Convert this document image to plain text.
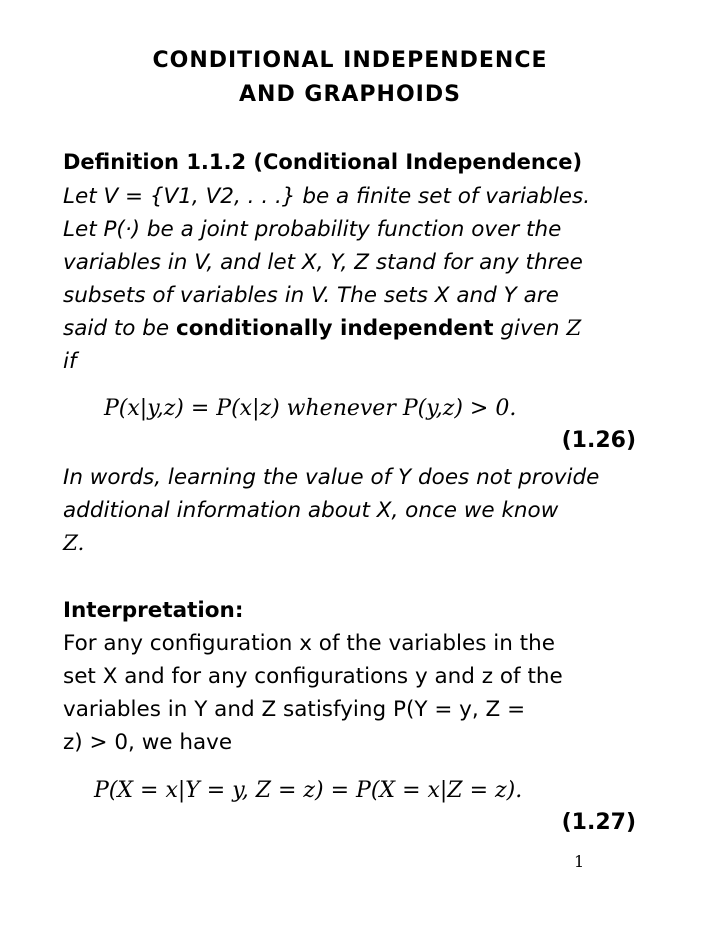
CONDITIONAL INDEPENDENCE
AND GRAPHOIDS
Definition 1.1.2 (Conditional Independence)
Let V = {V1, V2, . . .} be a finite set of variables.
Let P(·) be a joint probability function over the
variables in V, and let X, Y, Z stand for any three
subsets of variables in V. The sets X and Y are
said to be conditionally independent given Z
if
P(x|y,z) = P(x|z) whenever P(y,z) > 0.
(1.26)
In words, learning the value of Y does not provide
additional information about X, once we know
Z.
Interpretation:
For any configuration x of the variables in the
set X and for any configurations y and z of the
variables in Y and Z satisfying P(Y = y, Z =
z) > 0, we have
P(X = x|Y = y, Z = z) = P(X = x|Z = z).
(1.27)
1
